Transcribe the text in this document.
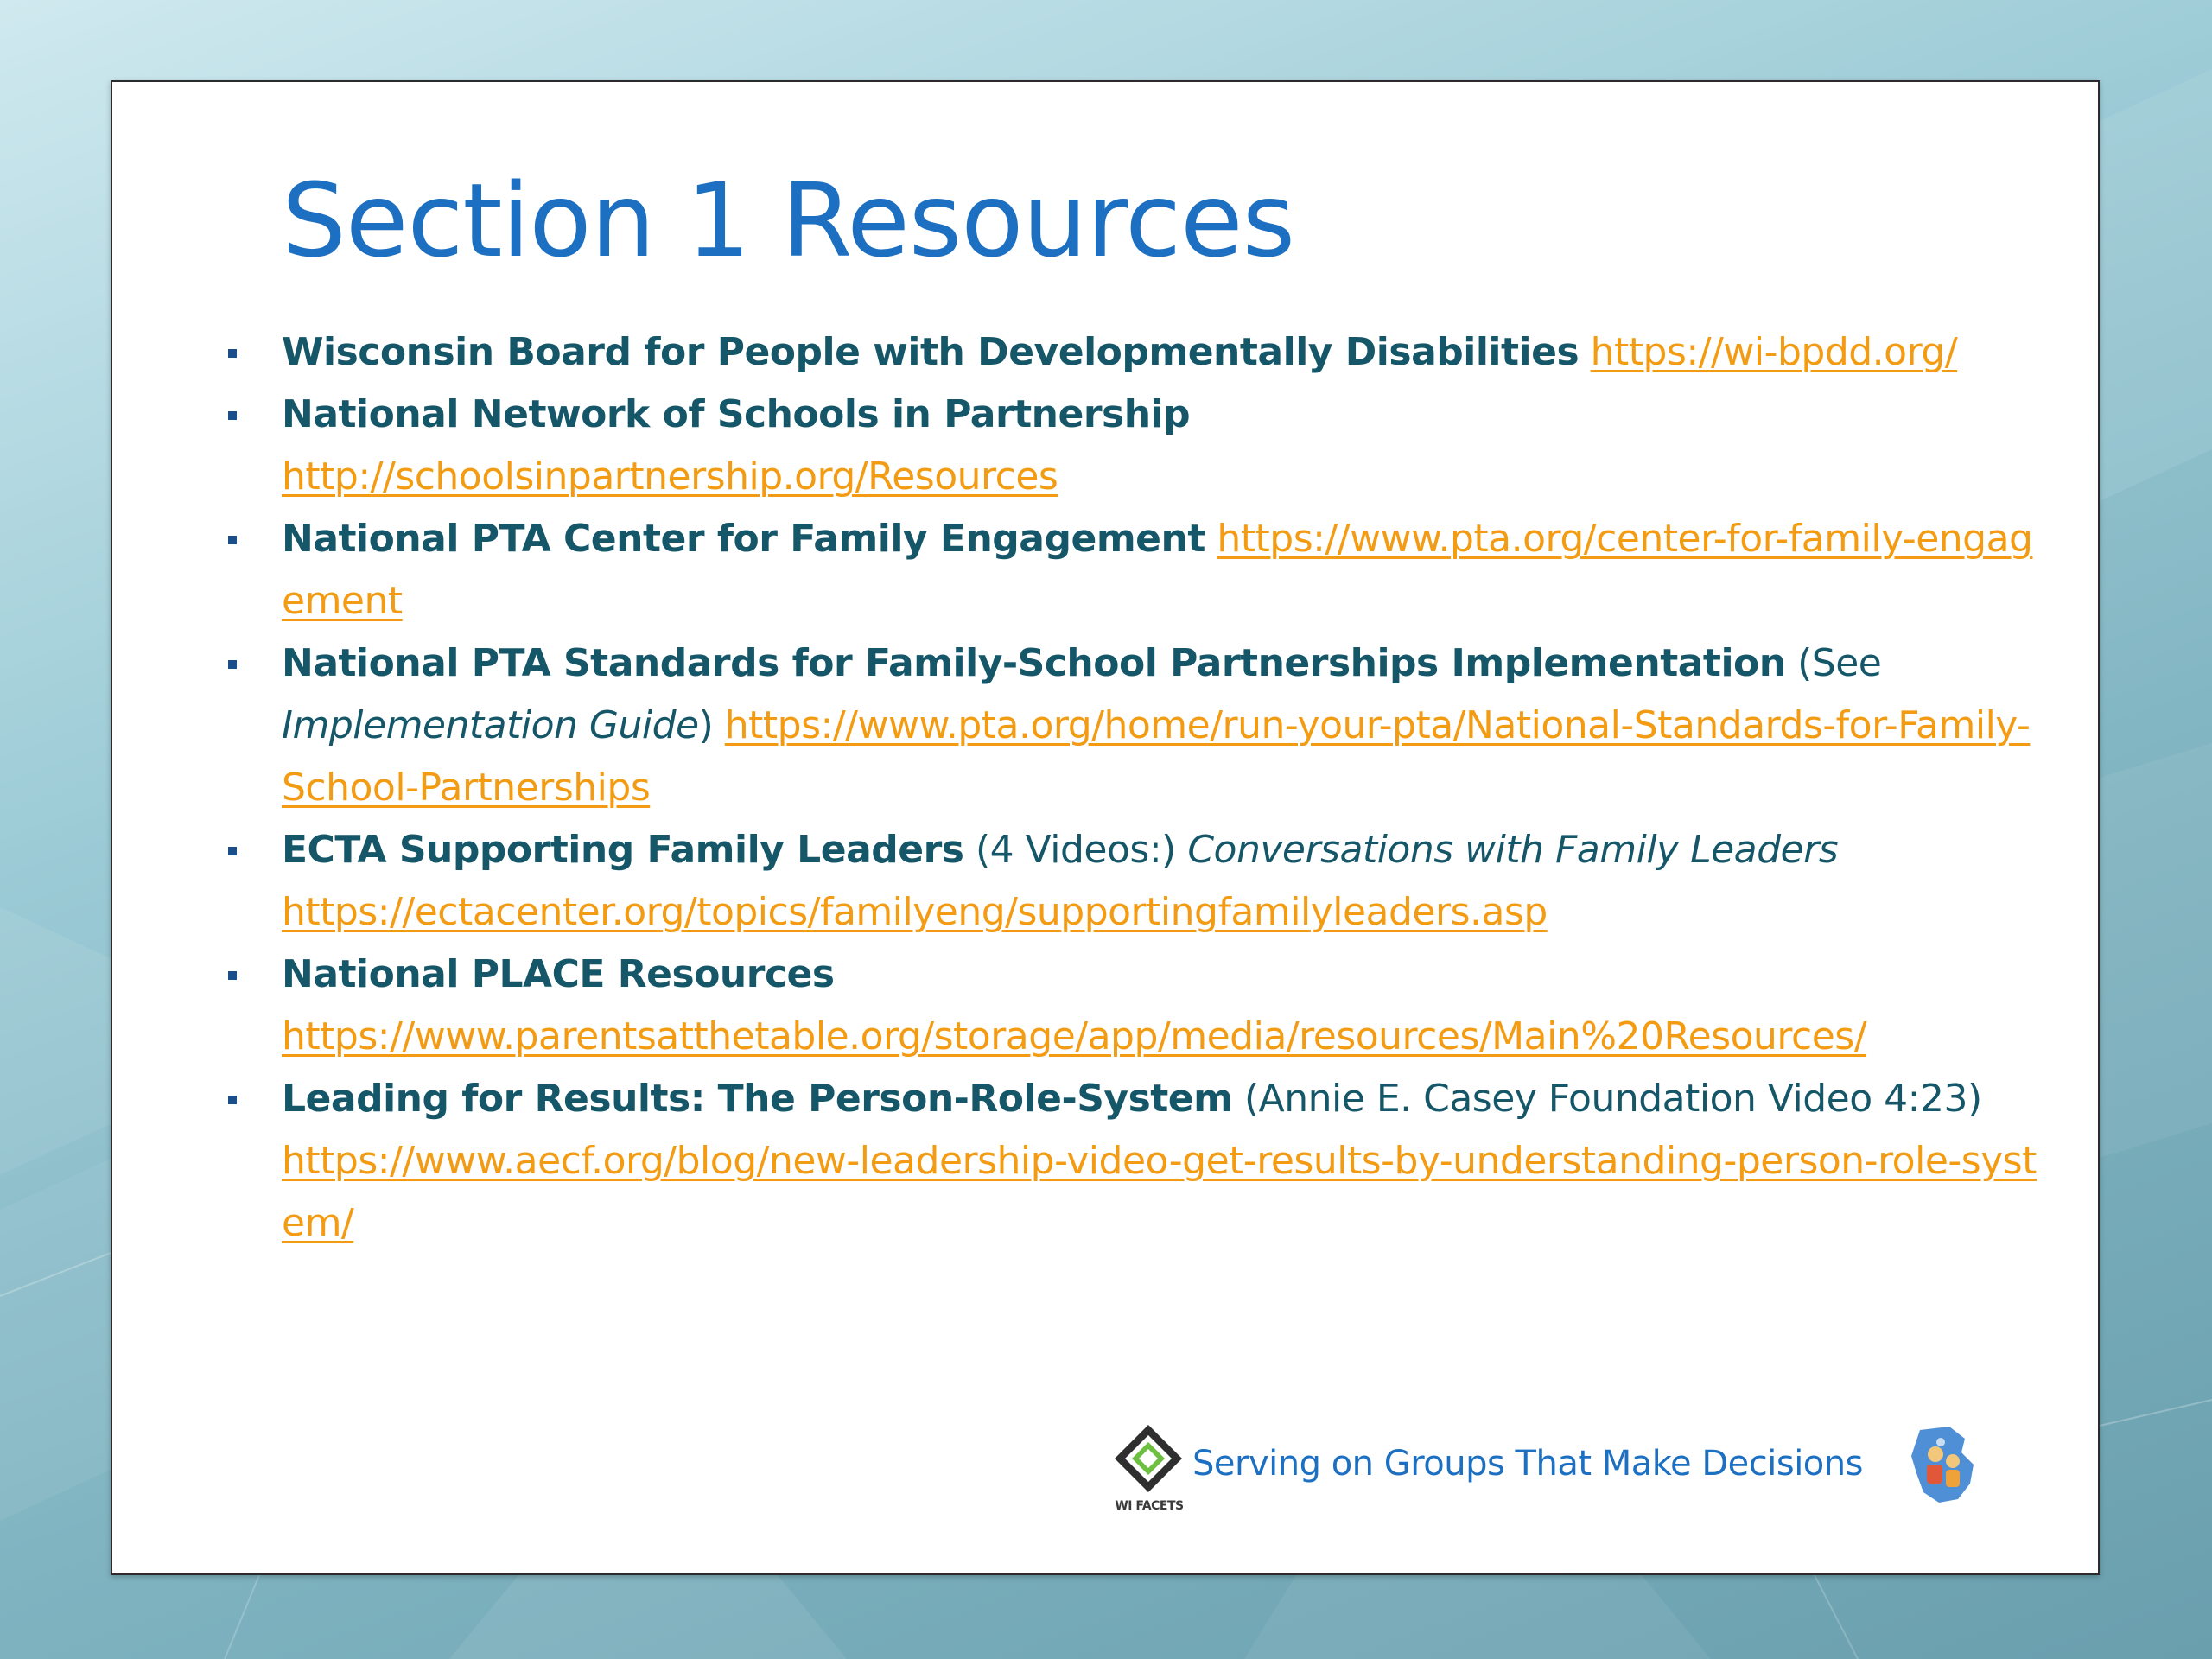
Section 1 Resources
Wisconsin Board for People with Developmentally Disabilities https://wi-bpdd.org/
National Network of Schools in Partnership
http://schoolsinpartnership.org/Resources
National PTA Center for Family Engagement https://www.pta.org/center-for-family-engagement
National PTA Standards for Family-School Partnerships Implementation (See Implementation Guide) https://www.pta.org/home/run-your-pta/National-Standards-for-Family-School-Partnerships
ECTA Supporting Family Leaders (4 Videos:) Conversations with Family Leaders
https://ectacenter.org/topics/familyeng/supportingfamilyleaders.asp
National PLACE Resources
https://www.parentsatthetable.org/storage/app/media/resources/Main%20Resources/
Leading for Results: The Person-Role-System (Annie E. Casey Foundation Video 4:23)
https://www.aecf.org/blog/new-leadership-video-get-results-by-understanding-person-role-system/
WI FACETS
Serving on Groups That Make Decisions
